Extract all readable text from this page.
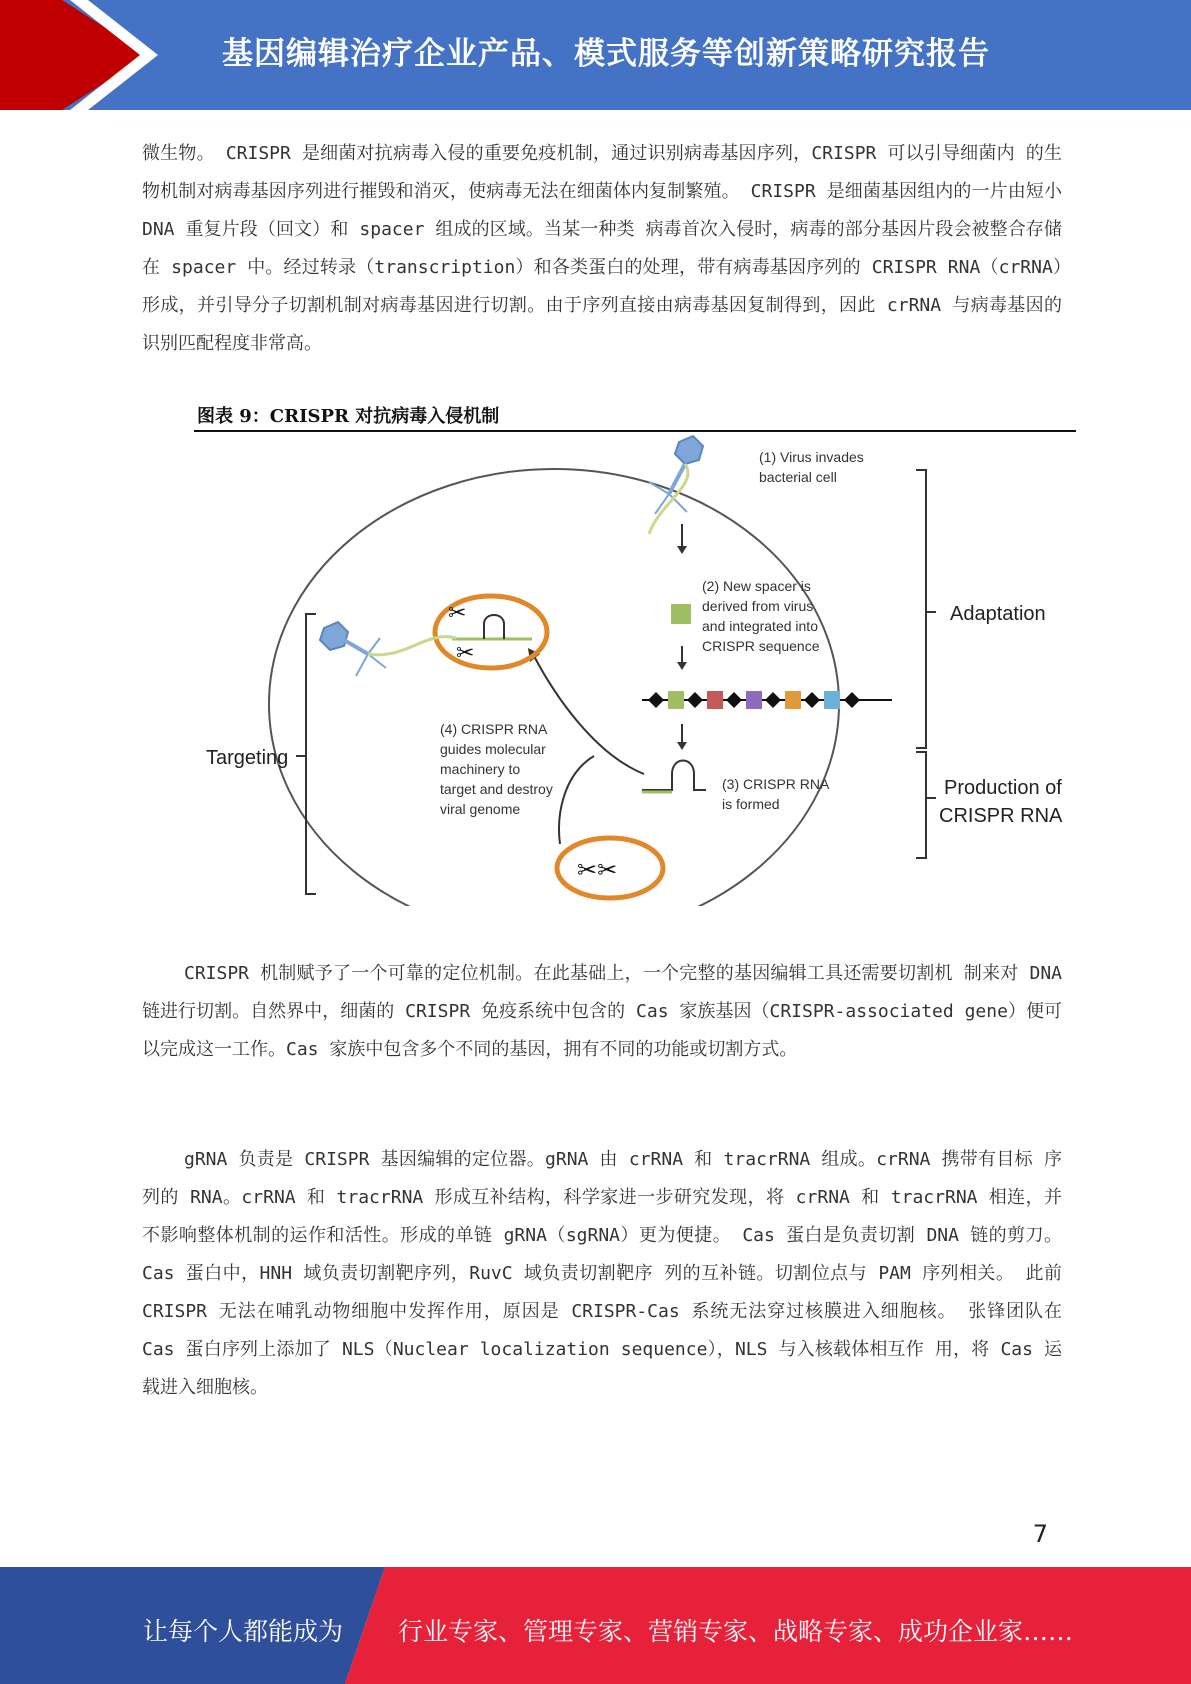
基因编辑治疗企业产品、模式服务等创新策略研究报告
微生物。 CRISPR 是细菌对抗病毒入侵的重要免疫机制，通过识别病毒基因序列，CRISPR 可以引导细菌内 的生物机制对病毒基因序列进行摧毁和消灭，使病毒无法在细菌体内复制繁殖。 CRISPR 是细菌基因组内的一片由短小 DNA 重复片段（回文）和 spacer 组成的区域。当某一种类 病毒首次入侵时，病毒的部分基因片段会被整合存储在 spacer 中。经过转录（transcription）和各类蛋白的处理，带有病毒基因序列的 CRISPR RNA（crRNA）形成，并引导分子切割机制对病毒基因进行切割。由于序列直接由病毒基因复制得到，因此 crRNA 与病毒基因的识别匹配程度非常高。
图表 9：CRISPR 对抗病毒入侵机制
(1) Virus invades
bacterial cell
(2) New spacer is
derived from virus
and integrated into
CRISPR sequence
(3) CRISPR RNA
is formed
✂
✂
✂✂
(4) CRISPR RNA
guides molecular
machinery to
target and destroy
viral genome
Adaptation
Production of
CRISPR RNA
Targeting
CRISPR 机制赋予了一个可靠的定位机制。在此基础上，一个完整的基因编辑工具还需要切割机 制来对 DNA 链进行切割。自然界中，细菌的 CRISPR 免疫系统中包含的 Cas 家族基因（CRISPR-associated gene）便可以完成这一工作。Cas 家族中包含多个不同的基因，拥有不同的功能或切割方式。
gRNA 负责是 CRISPR 基因编辑的定位器。gRNA 由 crRNA 和 tracrRNA 组成。crRNA 携带有目标 序列的 RNA。crRNA 和 tracrRNA 形成互补结构，科学家进一步研究发现，将 crRNA 和 tracrRNA 相连，并不影响整体机制的运作和活性。形成的单链 gRNA（sgRNA）更为便捷。 Cas 蛋白是负责切割 DNA 链的剪刀。Cas 蛋白中，HNH 域负责切割靶序列，RuvC 域负责切割靶序 列的互补链。切割位点与 PAM 序列相关。 此前 CRISPR 无法在哺乳动物细胞中发挥作用，原因是 CRISPR-Cas 系统无法穿过核膜进入细胞核。 张锋团队在 Cas 蛋白序列上添加了 NLS（Nuclear localization sequence），NLS 与入核载体相互作 用，将 Cas 运载进入细胞核。
7
让每个人都能成为 行业专家、管理专家、营销专家、战略专家、成功企业家……
